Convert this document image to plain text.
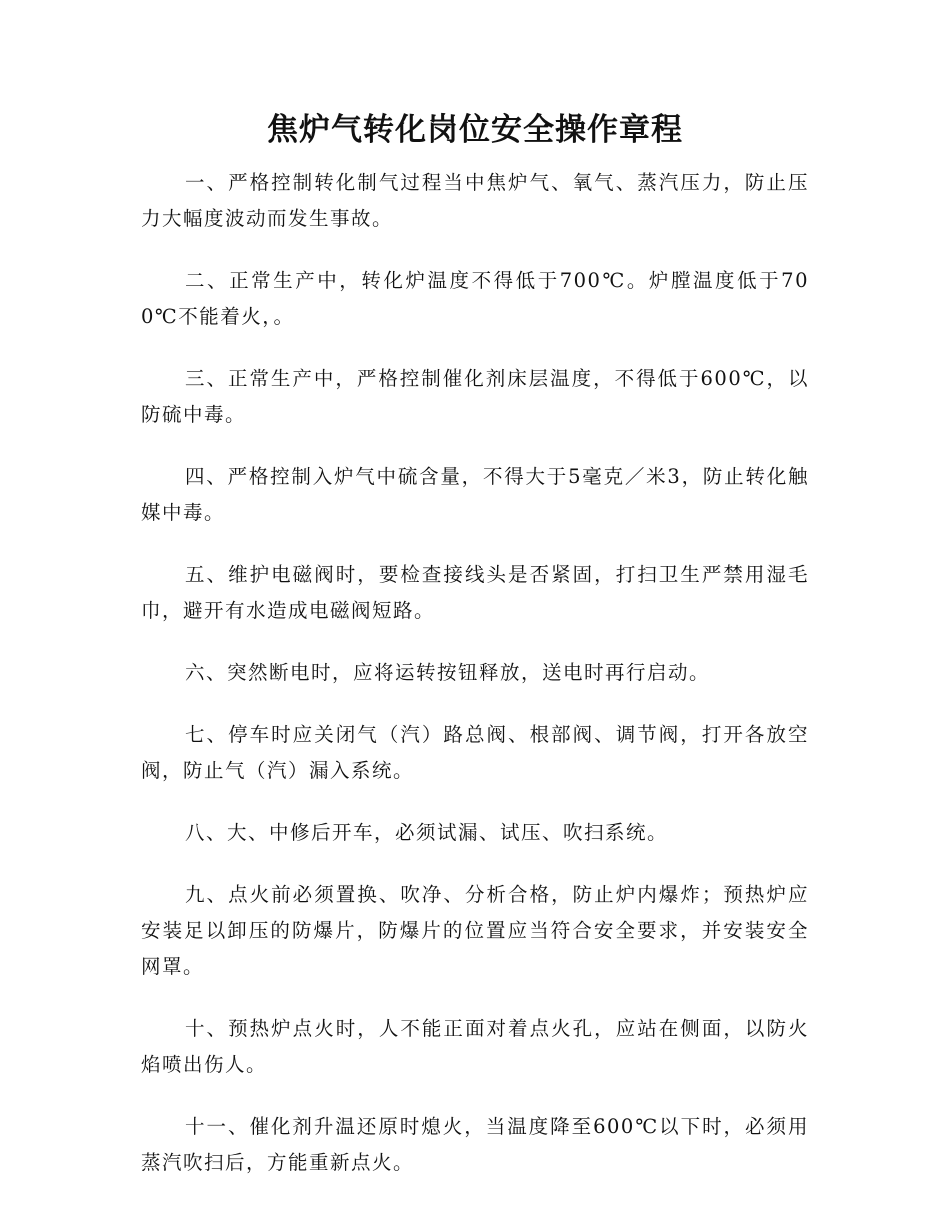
焦炉气转化岗位安全操作章程

一、严格控制转化制气过程当中焦炉气、氧气、蒸汽压力，防止压力大幅度波动而发生事故。

二、正常生产中，转化炉温度不得低于700℃。炉膛温度低于700℃不能着火，。

三、正常生产中，严格控制催化剂床层温度，不得低于600℃，以防硫中毒。

四、严格控制入炉气中硫含量，不得大于5毫克／米3，防止转化触媒中毒。

五、维护电磁阀时，要检查接线头是否紧固，打扫卫生严禁用湿毛巾，避开有水造成电磁阀短路。

六、突然断电时，应将运转按钮释放，送电时再行启动。

七、停车时应关闭气（汽）路总阀、根部阀、调节阀，打开各放空阀，防止气（汽）漏入系统。

八、大、中修后开车，必须试漏、试压、吹扫系统。

九、点火前必须置换、吹净、分析合格，防止炉内爆炸；预热炉应安装足以卸压的防爆片，防爆片的位置应当符合安全要求，并安装安全网罩。

十、预热炉点火时，人不能正面对着点火孔，应站在侧面，以防火焰喷出伤人。

十一、催化剂升温还原时熄火，当温度降至600℃以下时，必须用蒸汽吹扫后，方能重新点火。
